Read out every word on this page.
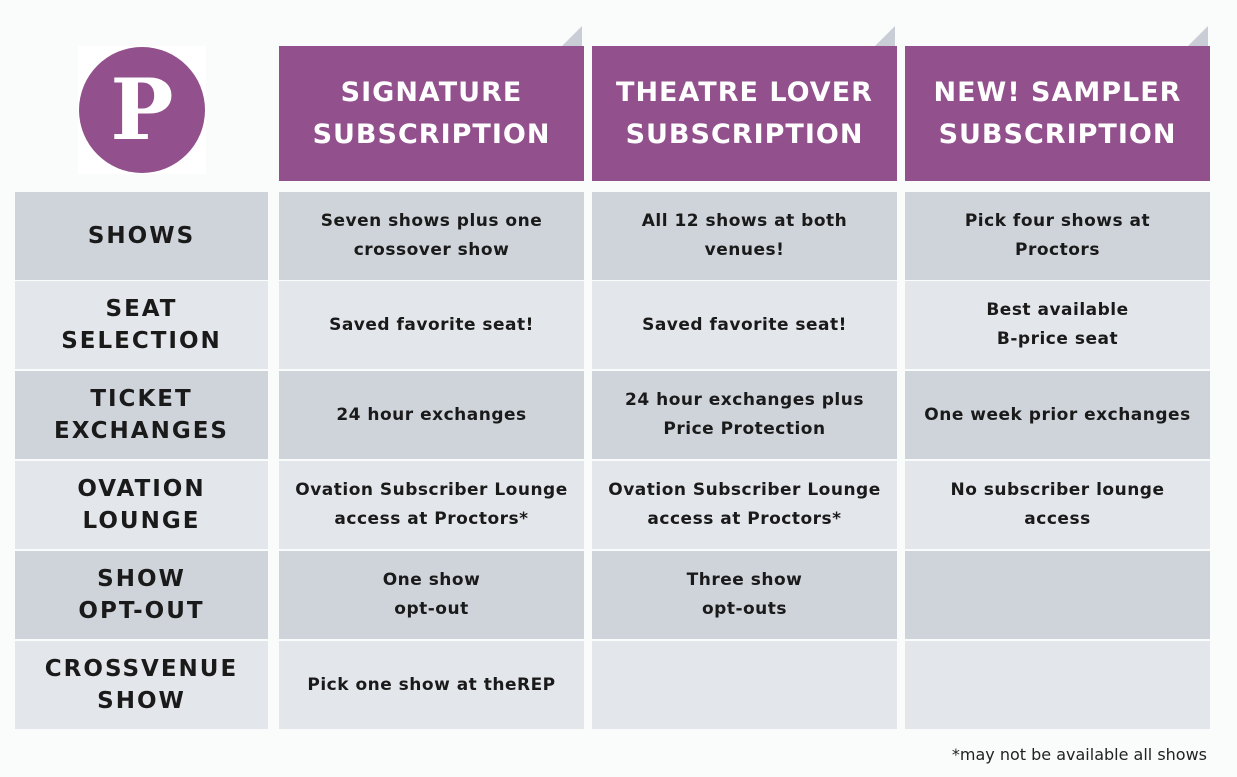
P	SIGNATURE
SUBSCRIPTION
THEATRE LOVER
SUBSCRIPTION
NEW! SAMPLER
SUBSCRIPTION
SHOWS
Seven shows plus one
crossover show
All 12 shows at both
venues!
Pick four shows at
Proctors
SEAT
SELECTION
Saved favorite seat!	Saved favorite seat!
Best available
B-price seat
TICKET
EXCHANGES
24 hour exchanges
24 hour exchanges plus
Price Protection
One week prior exchanges
OVATION
LOUNGE
Ovation Subscriber Lounge
access at Proctors*
Ovation Subscriber Lounge
access at Proctors*
No subscriber lounge
access
SHOW
OPT-OUT
One show
opt-out
Three show
opt-outs
CROSSVENUE
SHOW
Pick one show at theREP
*may not be available all shows
